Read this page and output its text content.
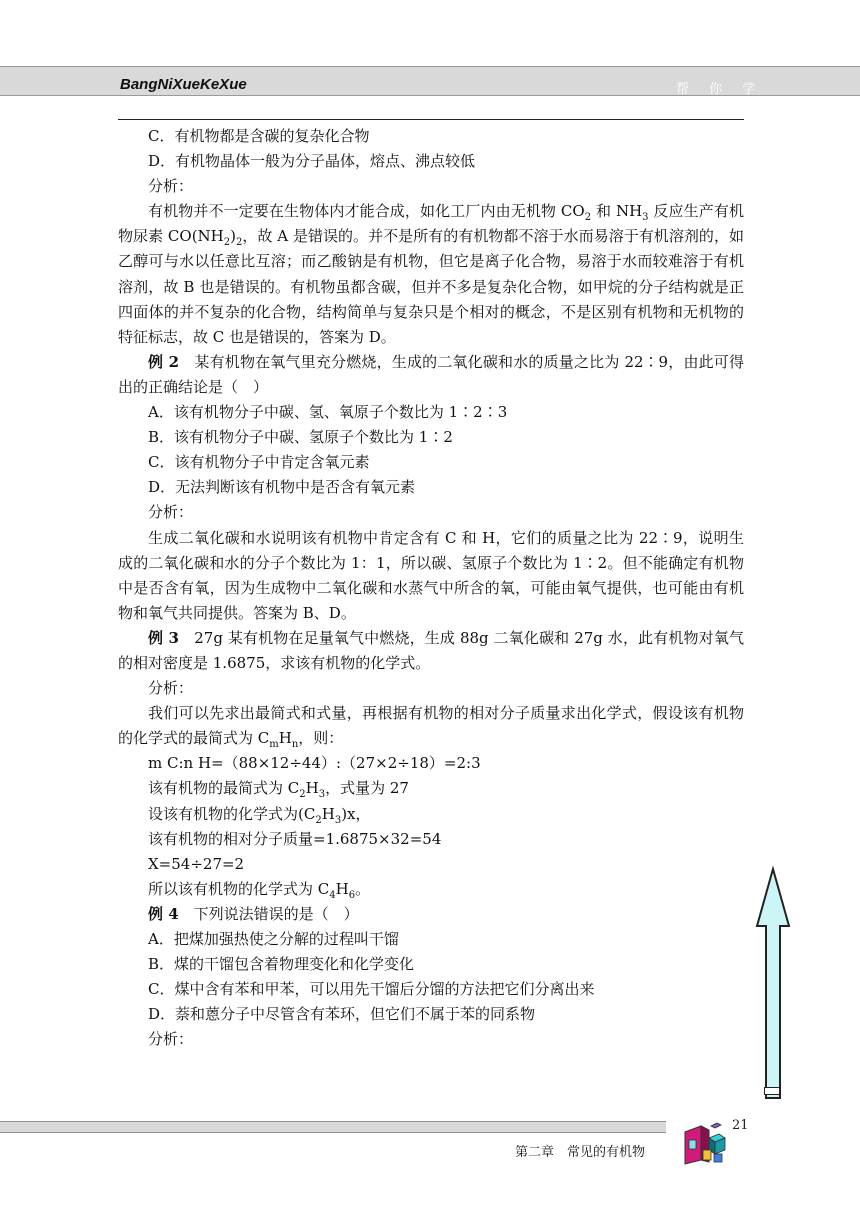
BangNiXueKeXue	帮 你 学

C．有机物都是含碳的复杂化合物

D．有机物晶体一般为分子晶体，熔点、沸点较低

分析：

有机物并不一定要在生物体内才能合成，如化工厂内由无机物 $CO_2$ 和 $NH_3$ 反应生产有机物尿素 $CO(NH_2)_2$，故 A 是错误的。并不是所有的有机物都不溶于水而易溶于有机溶剂的，如乙醇可与水以任意比互溶；而乙酸钠是有机物，但它是离子化合物，易溶于水而较难溶于有机溶剂，故 B 也是错误的。有机物虽都含碳，但并不多是复杂化合物，如甲烷的分子结构就是正四面体的并不复杂的化合物，结构简单与复杂只是个相对的概念，不是区别有机物和无机物的特征标志，故 C 也是错误的，答案为 D。

例 2　某有机物在氧气里充分燃烧，生成的二氧化碳和水的质量之比为 22∶9，由此可得出的正确结论是（　）

A．该有机物分子中碳、氢、氧原子个数比为 1∶2∶3

B．该有机物分子中碳、氢原子个数比为 1∶2

C．该有机物分子中肯定含氧元素

D．无法判断该有机物中是否含有氧元素

分析：

生成二氧化碳和水说明该有机物中肯定含有 C 和 H，它们的质量之比为 22∶9，说明生成的二氧化碳和水的分子个数比为 1：1，所以碳、氢原子个数比为 1∶2。但不能确定有机物中是否含有氧，因为生成物中二氧化碳和水蒸气中所含的氧，可能由氧气提供，也可能由有机物和氧气共同提供。答案为 B、D。

例 3　27g 某有机物在足量氧气中燃烧，生成 88g 二氧化碳和 27g 水，此有机物对氧气的相对密度是 1.6875，求该有机物的化学式。

分析：

我们可以先求出最简式和式量，再根据有机物的相对分子质量求出化学式，假设该有机物的化学式的最简式为 $C_mH_n$，则：

m C:n H=（88×12÷44）:（27×2÷18）=2:3

该有机物的最简式为 $C_2H_3$，式量为 27

设该有机物的化学式为$(C_2H_3)x$，

该有机物的相对分子质量=1.6875×32=54

X=54÷27=2

所以该有机物的化学式为 $C_4H_6$。

例 4　下列说法错误的是（　）

A．把煤加强热使之分解的过程叫干馏

B．煤的干馏包含着物理变化和化学变化

C．煤中含有苯和甲苯，可以用先干馏后分馏的方法把它们分离出来

D．萘和蒽分子中尽管含有苯环，但它们不属于苯的同系物

分析：

21
第二章　常见的有机物
